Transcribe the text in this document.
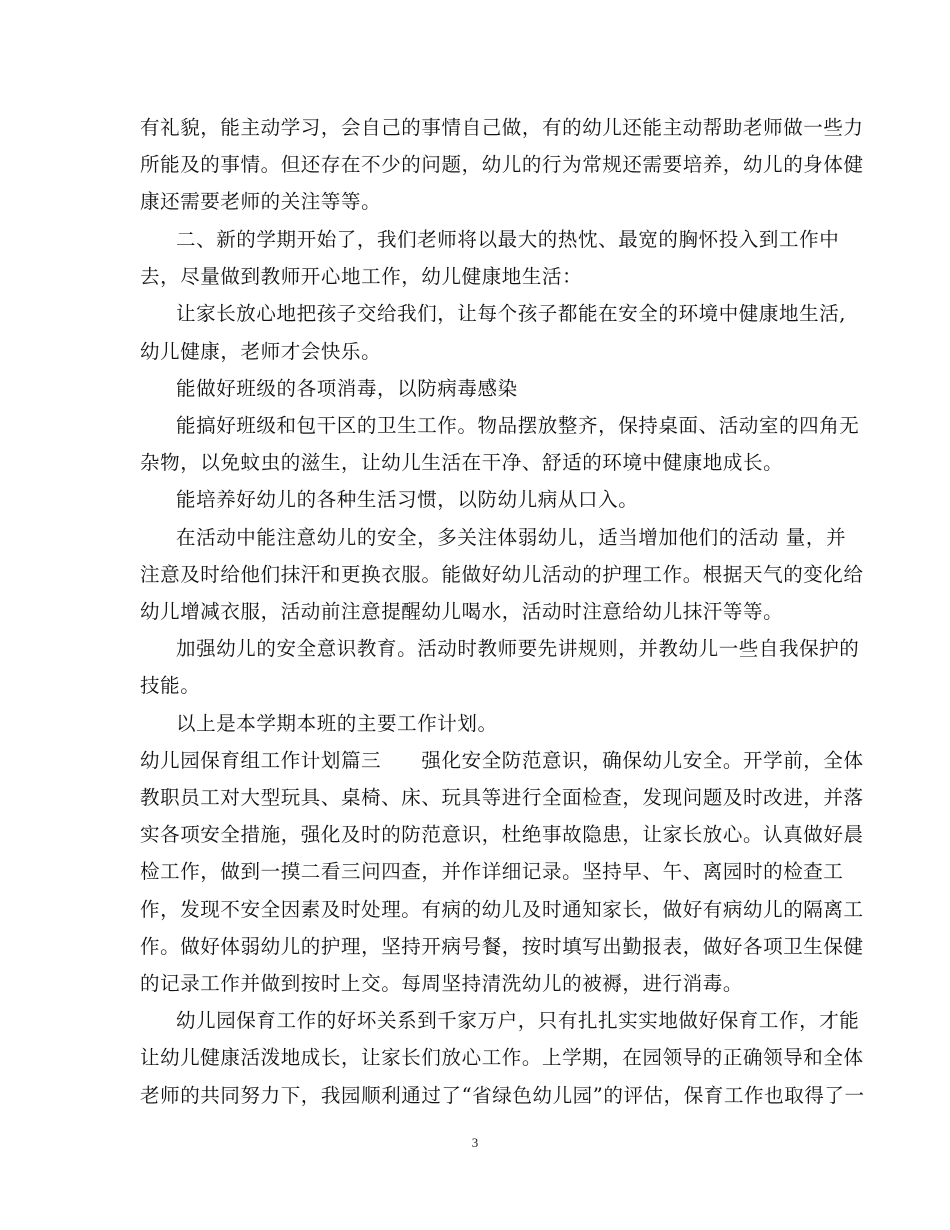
有礼貌，能主动学习，会自己的事情自己做，有的幼儿还能主动帮助老师做一些力
所能及的事情。但还存在不少的问题，幼儿的行为常规还需要培养，幼儿的身体健
康还需要老师的关注等等。
二、新的学期开始了，我们老师将以最大的热忱、最宽的胸怀投入到工作中
去，尽量做到教师开心地工作，幼儿健康地生活：
让家长放心地把孩子交给我们，让每个孩子都能在安全的环境中健康地生活,
幼儿健康，老师才会快乐。
能做好班级的各项消毒，以防病毒感染
能搞好班级和包干区的卫生工作。物品摆放整齐，保持桌面、活动室的四角无
杂物，以免蚊虫的滋生，让幼儿生活在干净、舒适的环境中健康地成长。
能培养好幼儿的各种生活习惯，以防幼儿病从口入。
在活动中能注意幼儿的安全，多关注体弱幼儿，适当增加他们的活动 量，并
注意及时给他们抹汗和更换衣服。能做好幼儿活动的护理工作。根据天气的变化给
幼儿增减衣服，活动前注意提醒幼儿喝水，活动时注意给幼儿抹汗等等。
加强幼儿的安全意识教育。活动时教师要先讲规则，并教幼儿一些自我保护的
技能。
以上是本学期本班的主要工作计划。
幼儿园保育组工作计划篇三　　强化安全防范意识，确保幼儿安全。开学前，全体
教职员工对大型玩具、桌椅、床、玩具等进行全面检查，发现问题及时改进，并落
实各项安全措施，强化及时的防范意识，杜绝事故隐患，让家长放心。认真做好晨
检工作，做到一摸二看三问四查，并作详细记录。坚持早、午、离园时的检查工
作，发现不安全因素及时处理。有病的幼儿及时通知家长，做好有病幼儿的隔离工
作。做好体弱幼儿的护理，坚持开病号餐，按时填写出勤报表，做好各项卫生保健
的记录工作并做到按时上交。每周坚持清洗幼儿的被褥，进行消毒。
幼儿园保育工作的好坏关系到千家万户，只有扎扎实实地做好保育工作，才能
让幼儿健康活泼地成长，让家长们放心工作。上学期，在园领导的正确领导和全体
老师的共同努力下，我园顺利通过了“省绿色幼儿园”的评估，保育工作也取得了一
3
